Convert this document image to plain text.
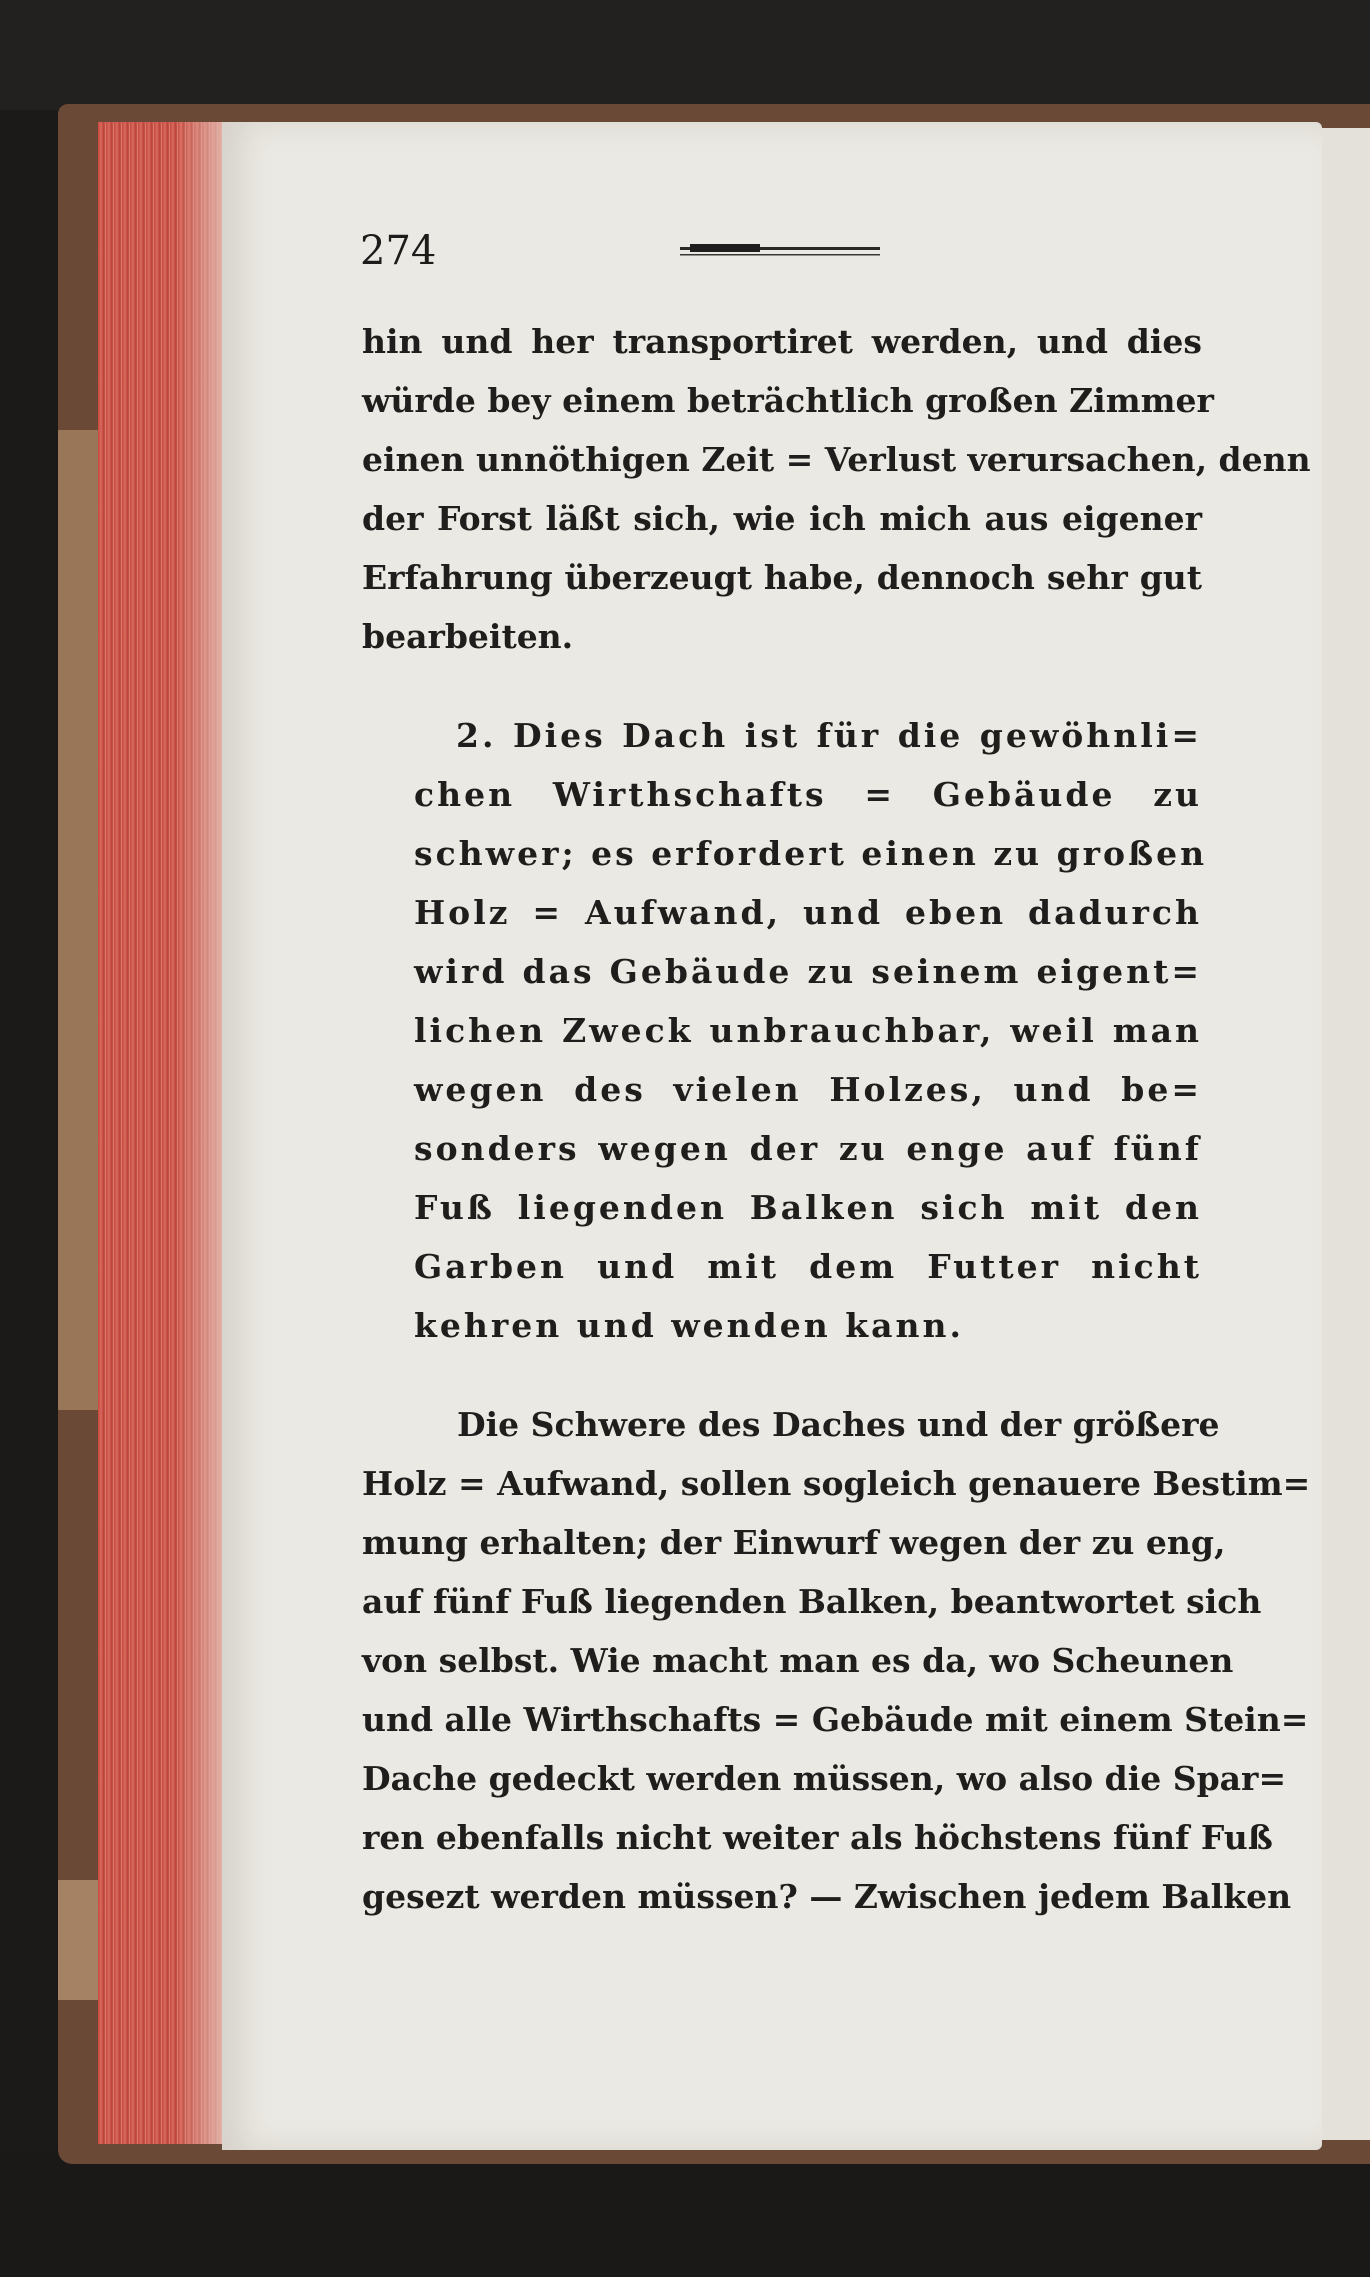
274
hin und her transportiret werden, und dies
würde bey einem beträchtlich großen Zimmer
einen unnöthigen Zeit = Verlust verursachen, denn
der Forst läßt sich, wie ich mich aus eigener
Erfahrung überzeugt habe, dennoch sehr gut
bearbeiten.
2. Dies Dach ist für die gewöhnli=
chen Wirthschafts = Gebäude zu
schwer; es erfordert einen zu großen
Holz = Aufwand, und eben dadurch
wird das Gebäude zu seinem eigent=
lichen Zweck unbrauchbar, weil man
wegen des vielen Holzes, und be=
sonders wegen der zu enge auf fünf
Fuß liegenden Balken sich mit den
Garben und mit dem Futter nicht
kehren und wenden kann.
Die Schwere des Daches und der größere
Holz = Aufwand, sollen sogleich genauere Bestim=
mung erhalten; der Einwurf wegen der zu eng,
auf fünf Fuß liegenden Balken, beantwortet sich
von selbst. Wie macht man es da, wo Scheunen
und alle Wirthschafts = Gebäude mit einem Stein=
Dache gedeckt werden müssen, wo also die Spar=
ren ebenfalls nicht weiter als höchstens fünf Fuß
gesezt werden müssen? — Zwischen jedem Balken
